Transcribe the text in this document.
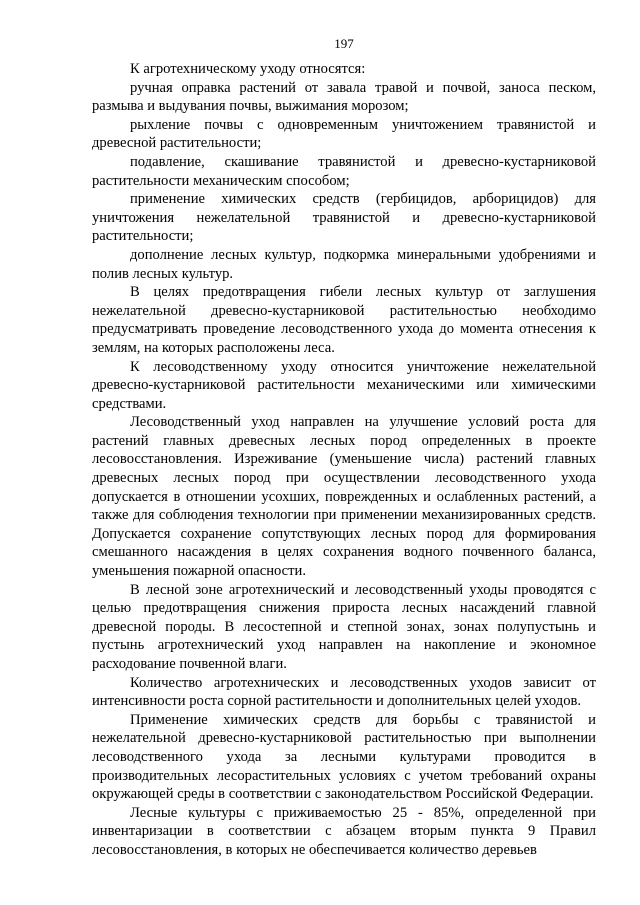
197

К агротехническому уходу относятся:

ручная оправка растений от завала травой и почвой, заноса песком, размыва и выдувания почвы, выжимания морозом;

рыхление почвы с одновременным уничтожением травянистой и древесной растительности;

подавление, скашивание травянистой и древесно-кустарниковой растительности механическим способом;

применение химических средств (гербицидов, арборицидов) для уничтожения нежелательной травянистой и древесно-кустарниковой растительности;

дополнение лесных культур, подкормка минеральными удобрениями и полив лесных культур.

В целях предотвращения гибели лесных культур от заглушения нежелательной древесно-кустарниковой растительностью необходимо предусматривать проведение лесоводственного ухода до момента отнесения к землям, на которых расположены леса.

К лесоводственному уходу относится уничтожение нежелательной древесно-кустарниковой растительности механическими или химическими средствами.

Лесоводственный уход направлен на улучшение условий роста для растений главных древесных лесных пород определенных в проекте лесовосстановления. Изреживание (уменьшение числа) растений главных древесных лесных пород при осуществлении лесоводственного ухода допускается в отношении усохших, поврежденных и ослабленных растений, а также для соблюдения технологии при применении механизированных средств. Допускается сохранение сопутствующих лесных пород для формирования смешанного насаждения в целях сохранения водного почвенного баланса, уменьшения пожарной опасности.

В лесной зоне агротехнический и лесоводственный уходы проводятся с целью предотвращения снижения прироста лесных насаждений главной древесной породы. В лесостепной и степной зонах, зонах полупустынь и пустынь агротехнический уход направлен на накопление и экономное расходование почвенной влаги.

Количество агротехнических и лесоводственных уходов зависит от интенсивности роста сорной растительности и дополнительных целей уходов.

Применение химических средств для борьбы с травянистой и нежелательной древесно-кустарниковой растительностью при выполнении лесоводственного ухода за лесными культурами проводится в производительных лесорастительных условиях с учетом требований охраны окружающей среды в соответствии с законодательством Российской Федерации.

Лесные культуры с приживаемостью 25 - 85%, определенной при инвентаризации в соответствии с абзацем вторым пункта 9 Правил лесовосстановления, в которых не обеспечивается количество деревьев
